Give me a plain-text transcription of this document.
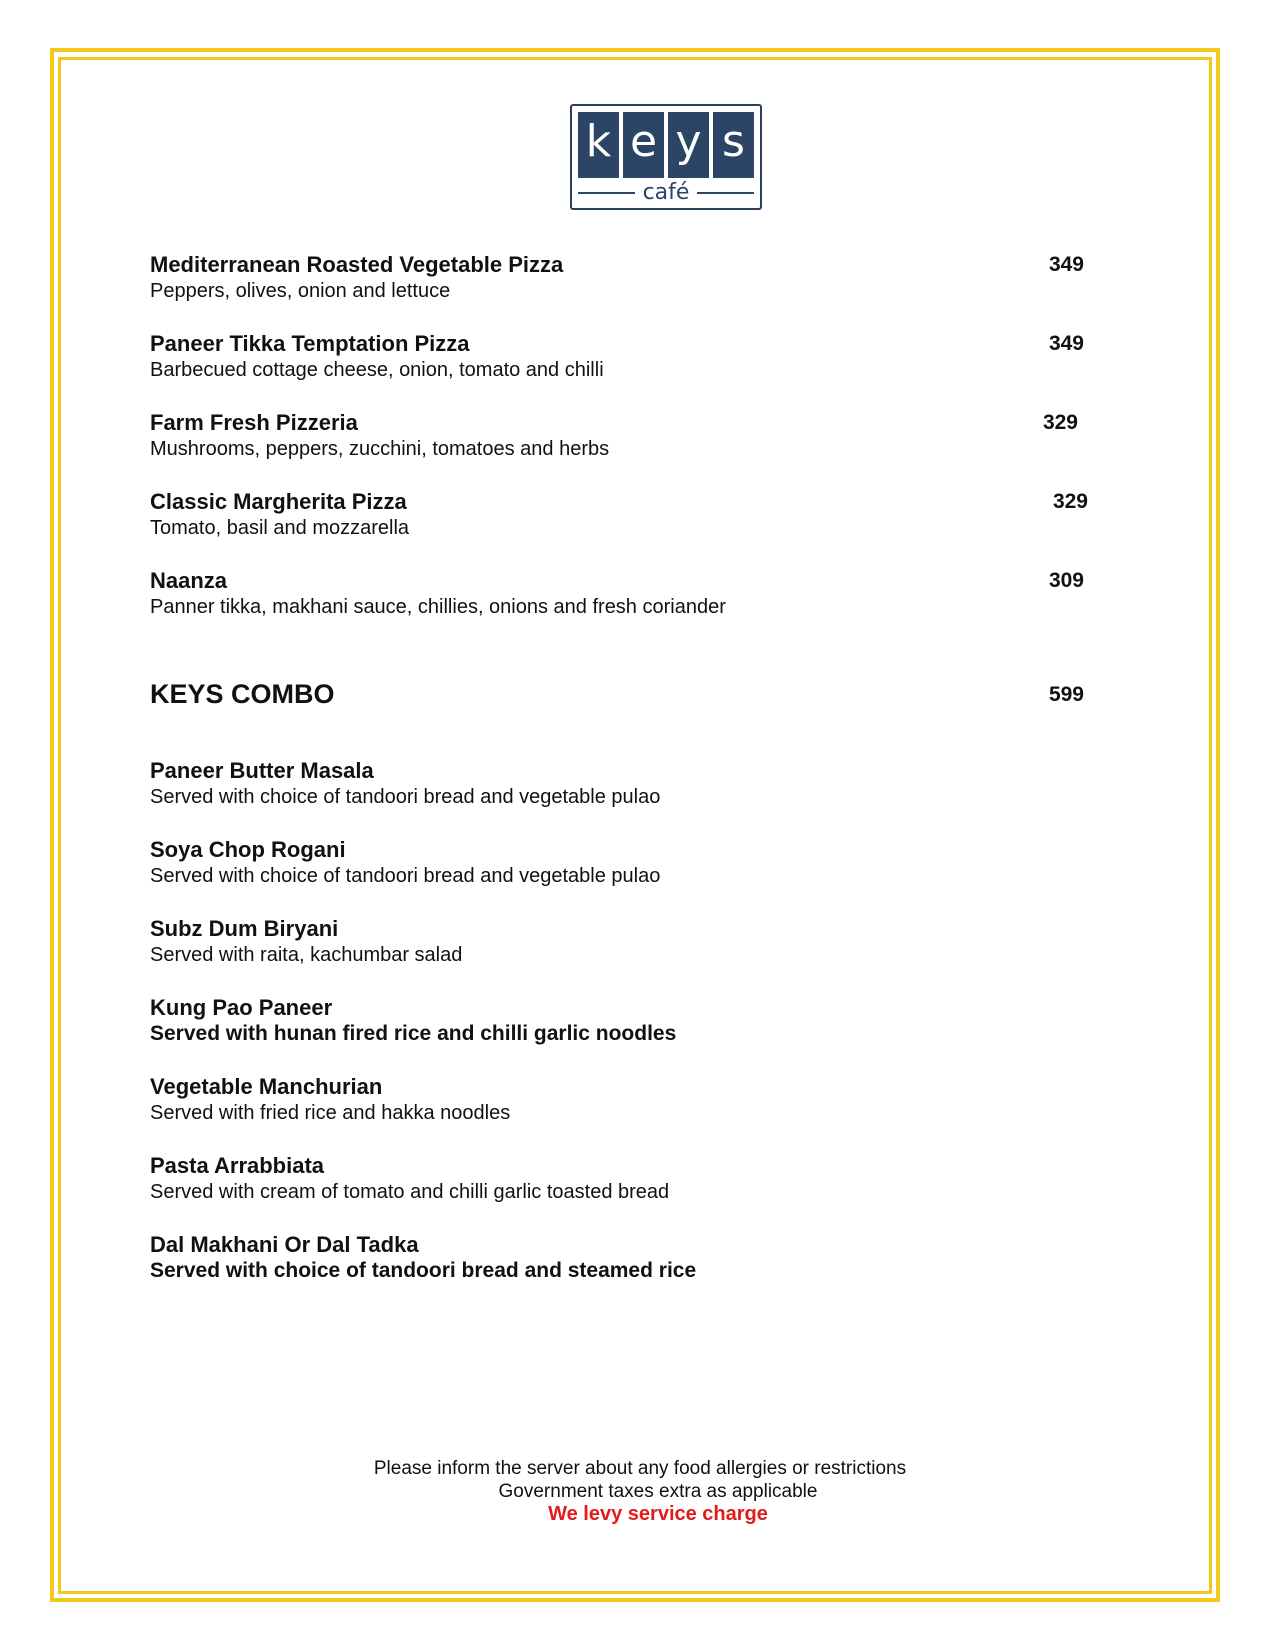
k e y s
café
Mediterranean Roasted Vegetable Pizza
Peppers, olives, onion and lettuce
349
Paneer Tikka Temptation Pizza
Barbecued cottage cheese, onion, tomato and chilli
349
Farm Fresh Pizzeria
Mushrooms, peppers, zucchini, tomatoes and herbs
329
Classic Margherita Pizza
Tomato, basil and mozzarella
329
Naanza
Panner tikka, makhani sauce, chillies, onions and fresh coriander
309
KEYS COMBO	599
Paneer Butter Masala
Served with choice of tandoori bread and vegetable pulao
Soya Chop Rogani
Served with choice of tandoori bread and vegetable pulao
Subz Dum Biryani
Served with raita, kachumbar salad
Kung Pao Paneer
Served with hunan fired rice and chilli garlic noodles
Vegetable Manchurian
Served with fried rice and hakka noodles
Pasta Arrabbiata
Served with cream of tomato and chilli garlic toasted bread
Dal Makhani Or Dal Tadka
Served with choice of tandoori bread and steamed rice
Please inform the server about any food allergies or restrictions
Government taxes extra as applicable
We levy service charge
